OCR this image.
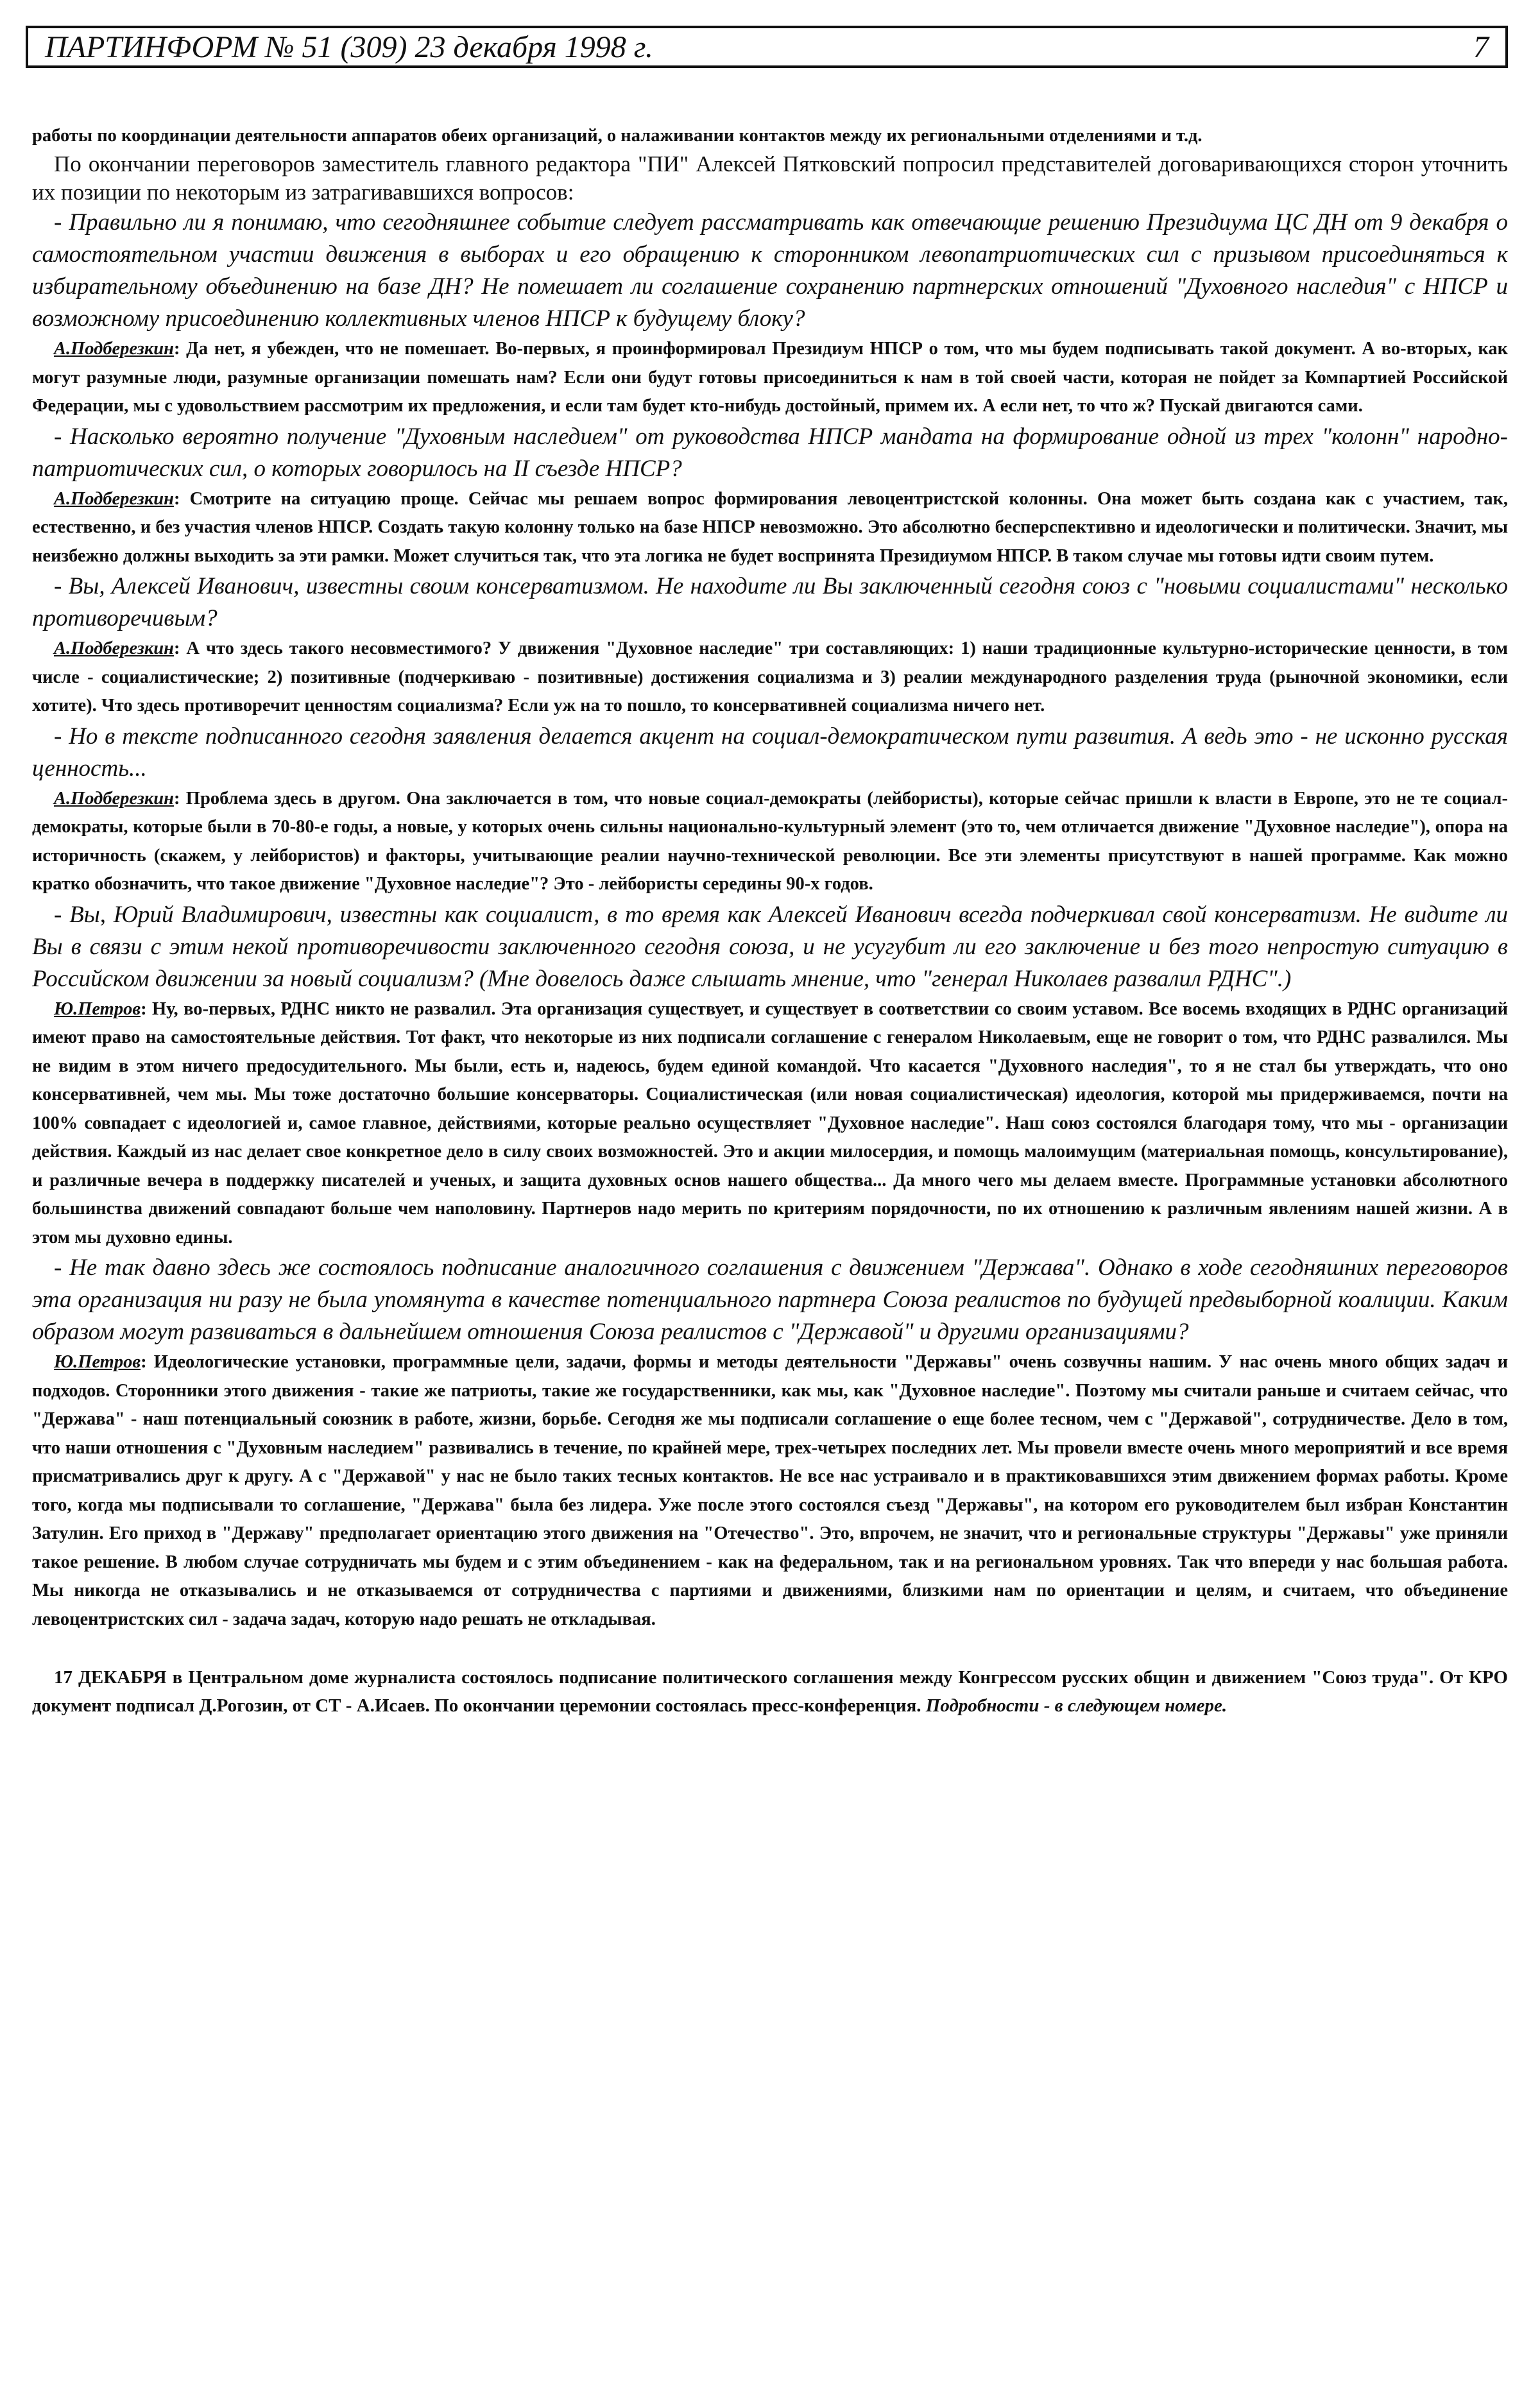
ПАРТИНФОРМ № 51 (309) 23 декабря 1998 г.	7

работы по координации деятельности аппаратов обеих организаций, о налаживании контактов между их региональными отделениями и т.д.

По окончании переговоров заместитель главного редактора "ПИ" Алексей Пятковский попросил представителей договаривающихся сторон уточнить их позиции по некоторым из затрагивавшихся вопросов:

- Правильно ли я понимаю, что сегодняшнее событие следует рассматривать как отвечающие решению Президиума ЦС ДН от 9 декабря о самостоятельном участии движения в выборах и его обращению к сторонником левопатриотических сил с призывом присоединяться к избирательному объединению на базе ДН? Не помешает ли соглашение сохранению партнерских отношений "Духовного наследия" с НПСР и возможному присоединению коллективных членов НПСР к будущему блоку?

А.Подберезкин: Да нет, я убежден, что не помешает. Во-первых, я проинформировал Президиум НПСР о том, что мы будем подписывать такой документ. А во-вторых, как могут разумные люди, разумные организации помешать нам? Если они будут готовы присоединиться к нам в той своей части, которая не пойдет за Компартией Российской Федерации, мы с удовольствием рассмотрим их предложения, и если там будет кто-нибудь достойный, примем их. А если нет, то что ж? Пускай двигаются сами.

- Насколько вероятно получение "Духовным наследием" от руководства НПСР мандата на формирование одной из трех "колонн" народно-патриотических сил, о которых говорилось на II съезде НПСР?

А.Подберезкин: Смотрите на ситуацию проще. Сейчас мы решаем вопрос формирования левоцентристской колонны. Она может быть создана как с участием, так, естественно, и без участия членов НПСР. Создать такую колонну только на базе НПСР невозможно. Это абсолютно бесперспективно и идеологически и политически. Значит, мы неизбежно должны выходить за эти рамки. Может случиться так, что эта логика не будет воспринята Президиумом НПСР. В таком случае мы готовы идти своим путем.

- Вы, Алексей Иванович, известны своим консерватизмом. Не находите ли Вы заключенный сегодня союз с "новыми социалистами" несколько противоречивым?

А.Подберезкин: А что здесь такого несовместимого? У движения "Духовное наследие" три составляющих: 1) наши традиционные культурно-исторические ценности, в том числе - социалистические; 2) позитивные (подчеркиваю - позитивные) достижения социализма и 3) реалии международного разделения труда (рыночной экономики, если хотите). Что здесь противоречит ценностям социализма? Если уж на то пошло, то консервативней социализма ничего нет.

- Но в тексте подписанного сегодня заявления делается акцент на социал-демократическом пути развития. А ведь это - не исконно русская ценность...

А.Подберезкин: Проблема здесь в другом. Она заключается в том, что новые социал-демократы (лейбористы), которые сейчас пришли к власти в Европе, это не те социал-демократы, которые были в 70-80-е годы, а новые, у которых очень сильны национально-культурный элемент (это то, чем отличается движение "Духовное наследие"), опора на историчность (скажем, у лейбористов) и факторы, учитывающие реалии научно-технической революции. Все эти элементы присутствуют в нашей программе. Как можно кратко обозначить, что такое движение "Духовное наследие"? Это - лейбористы середины 90-х годов.

- Вы, Юрий Владимирович, известны как социалист, в то время как Алексей Иванович всегда подчеркивал свой консерватизм. Не видите ли Вы в связи с этим некой противоречивости заключенного сегодня союза, и не усугубит ли его заключение и без того непростую ситуацию в Российском движении за новый социализм? (Мне довелось даже слышать мнение, что "генерал Николаев развалил РДНС".)

Ю.Петров: Ну, во-первых, РДНС никто не развалил. Эта организация существует, и существует в соответствии со своим уставом. Все восемь входящих в РДНС организаций имеют право на самостоятельные действия. Тот факт, что некоторые из них подписали соглашение с генералом Николаевым, еще не говорит о том, что РДНС развалился. Мы не видим в этом ничего предосудительного. Мы были, есть и, надеюсь, будем единой командой. Что касается "Духовного наследия", то я не стал бы утверждать, что оно консервативней, чем мы. Мы тоже достаточно большие консерваторы. Социалистическая (или новая социалистическая) идеология, которой мы придерживаемся, почти на 100% совпадает с идеологией и, самое главное, действиями, которые реально осуществляет "Духовное наследие". Наш союз состоялся благодаря тому, что мы - организации действия. Каждый из нас делает свое конкретное дело в силу своих возможностей. Это и акции милосердия, и помощь малоимущим (материальная помощь, консультирование), и различные вечера в поддержку писателей и ученых, и защита духовных основ нашего общества... Да много чего мы делаем вместе. Программные установки абсолютного большинства движений совпадают больше чем наполовину. Партнеров надо мерить по критериям порядочности, по их отношению к различным явлениям нашей жизни. А в этом мы духовно едины.

- Не так давно здесь же состоялось подписание аналогичного соглашения с движением "Держава". Однако в ходе сегодняшних переговоров эта организация ни разу не была упомянута в качестве потенциального партнера Союза реалистов по будущей предвыборной коалиции. Каким образом могут развиваться в дальнейшем отношения Союза реалистов с "Державой" и другими организациями?

Ю.Петров: Идеологические установки, программные цели, задачи, формы и методы деятельности "Державы" очень созвучны нашим. У нас очень много общих задач и подходов. Сторонники этого движения - такие же патриоты, такие же государственники, как мы, как "Духовное наследие". Поэтому мы считали раньше и считаем сейчас, что "Держава" - наш потенциальный союзник в работе, жизни, борьбе. Сегодня же мы подписали соглашение о еще более тесном, чем с "Державой", сотрудничестве. Дело в том, что наши отношения с "Духовным наследием" развивались в течение, по крайней мере, трех-четырех последних лет. Мы провели вместе очень много мероприятий и все время присматривались друг к другу. А с "Державой" у нас не было таких тесных контактов. Не все нас устраивало и в практиковавшихся этим движением формах работы. Кроме того, когда мы подписывали то соглашение, "Держава" была без лидера. Уже после этого состоялся съезд "Державы", на котором его руководителем был избран Константин Затулин. Его приход в "Державу" предполагает ориентацию этого движения на "Отечество". Это, впрочем, не значит, что и региональные структуры "Державы" уже приняли такое решение. В любом случае сотрудничать мы будем и с этим объединением - как на федеральном, так и на региональном уровнях. Так что впереди у нас большая работа. Мы никогда не отказывались и не отказываемся от сотрудничества с партиями и движениями, близкими нам по ориентации и целям, и считаем, что объединение левоцентристских сил - задача задач, которую надо решать не откладывая.

17 ДЕКАБРЯ в Центральном доме журналиста состоялось подписание политического соглашения между Конгрессом русских общин и движением "Союз труда". От КРО документ подписал Д.Рогозин, от СТ - А.Исаев. По окончании церемонии состоялась пресс-конференция. Подробности - в следующем номере.
